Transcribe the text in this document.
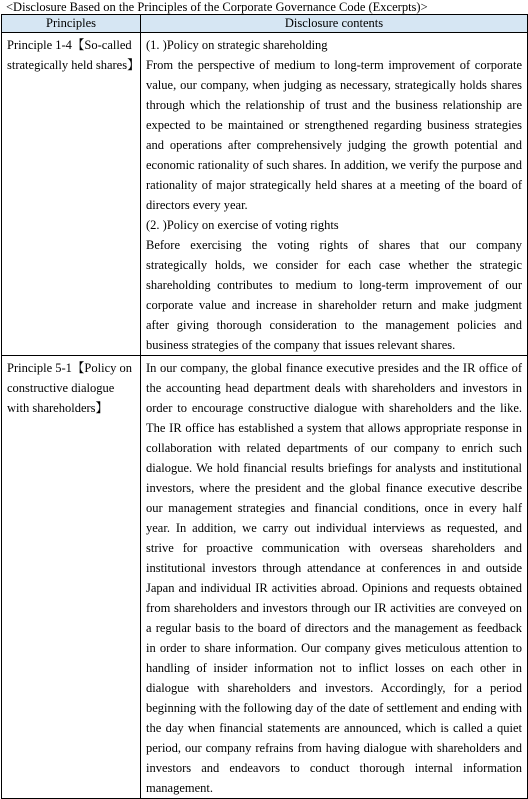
<Disclosure Based on the Principles of the Corporate Governance Code (Excerpts)>
Principles	Disclosure contents
Principle 1-4【So-called strategically held shares】	(1. )Policy on strategic shareholding
From the perspective of medium to long-term improvement of corporate value, our company, when judging as necessary, strategically holds shares through which the relationship of trust and the business relationship are expected to be maintained or strengthened regarding business strategies and operations after comprehensively judging the growth potential and economic rationality of such shares. In addition, we verify the purpose and rationality of major strategically held shares at a meeting of the board of directors every year.
(2. )Policy on exercise of voting rights
Before exercising the voting rights of shares that our company strategically holds, we consider for each case whether the strategic shareholding contributes to medium to long-term improvement of our corporate value and increase in shareholder return and make judgment after giving thorough consideration to the management policies and business strategies of the company that issues relevant shares.

Principle 5-1【Policy on constructive dialogue with shareholders】	In our company, the global finance executive presides and the IR office of the accounting head department deals with shareholders and investors in order to encourage constructive dialogue with shareholders and the like. The IR office has established a system that allows appropriate response in collaboration with related departments of our company to enrich such dialogue. We hold financial results briefings for analysts and institutional investors, where the president and the global finance executive describe our management strategies and financial conditions, once in every half year. In addition, we carry out individual interviews as requested, and strive for proactive communication with overseas shareholders and institutional investors through attendance at conferences in and outside Japan and individual IR activities abroad. Opinions and requests obtained from shareholders and investors through our IR activities are conveyed on a regular basis to the board of directors and the management as feedback in order to share information. Our company gives meticulous attention to handling of insider information not to inflict losses on each other in dialogue with shareholders and investors. Accordingly, for a period beginning with the following day of the date of settlement and ending with the day when financial statements are announced, which is called a quiet period, our company refrains from having dialogue with shareholders and investors and endeavors to conduct thorough internal information management.
